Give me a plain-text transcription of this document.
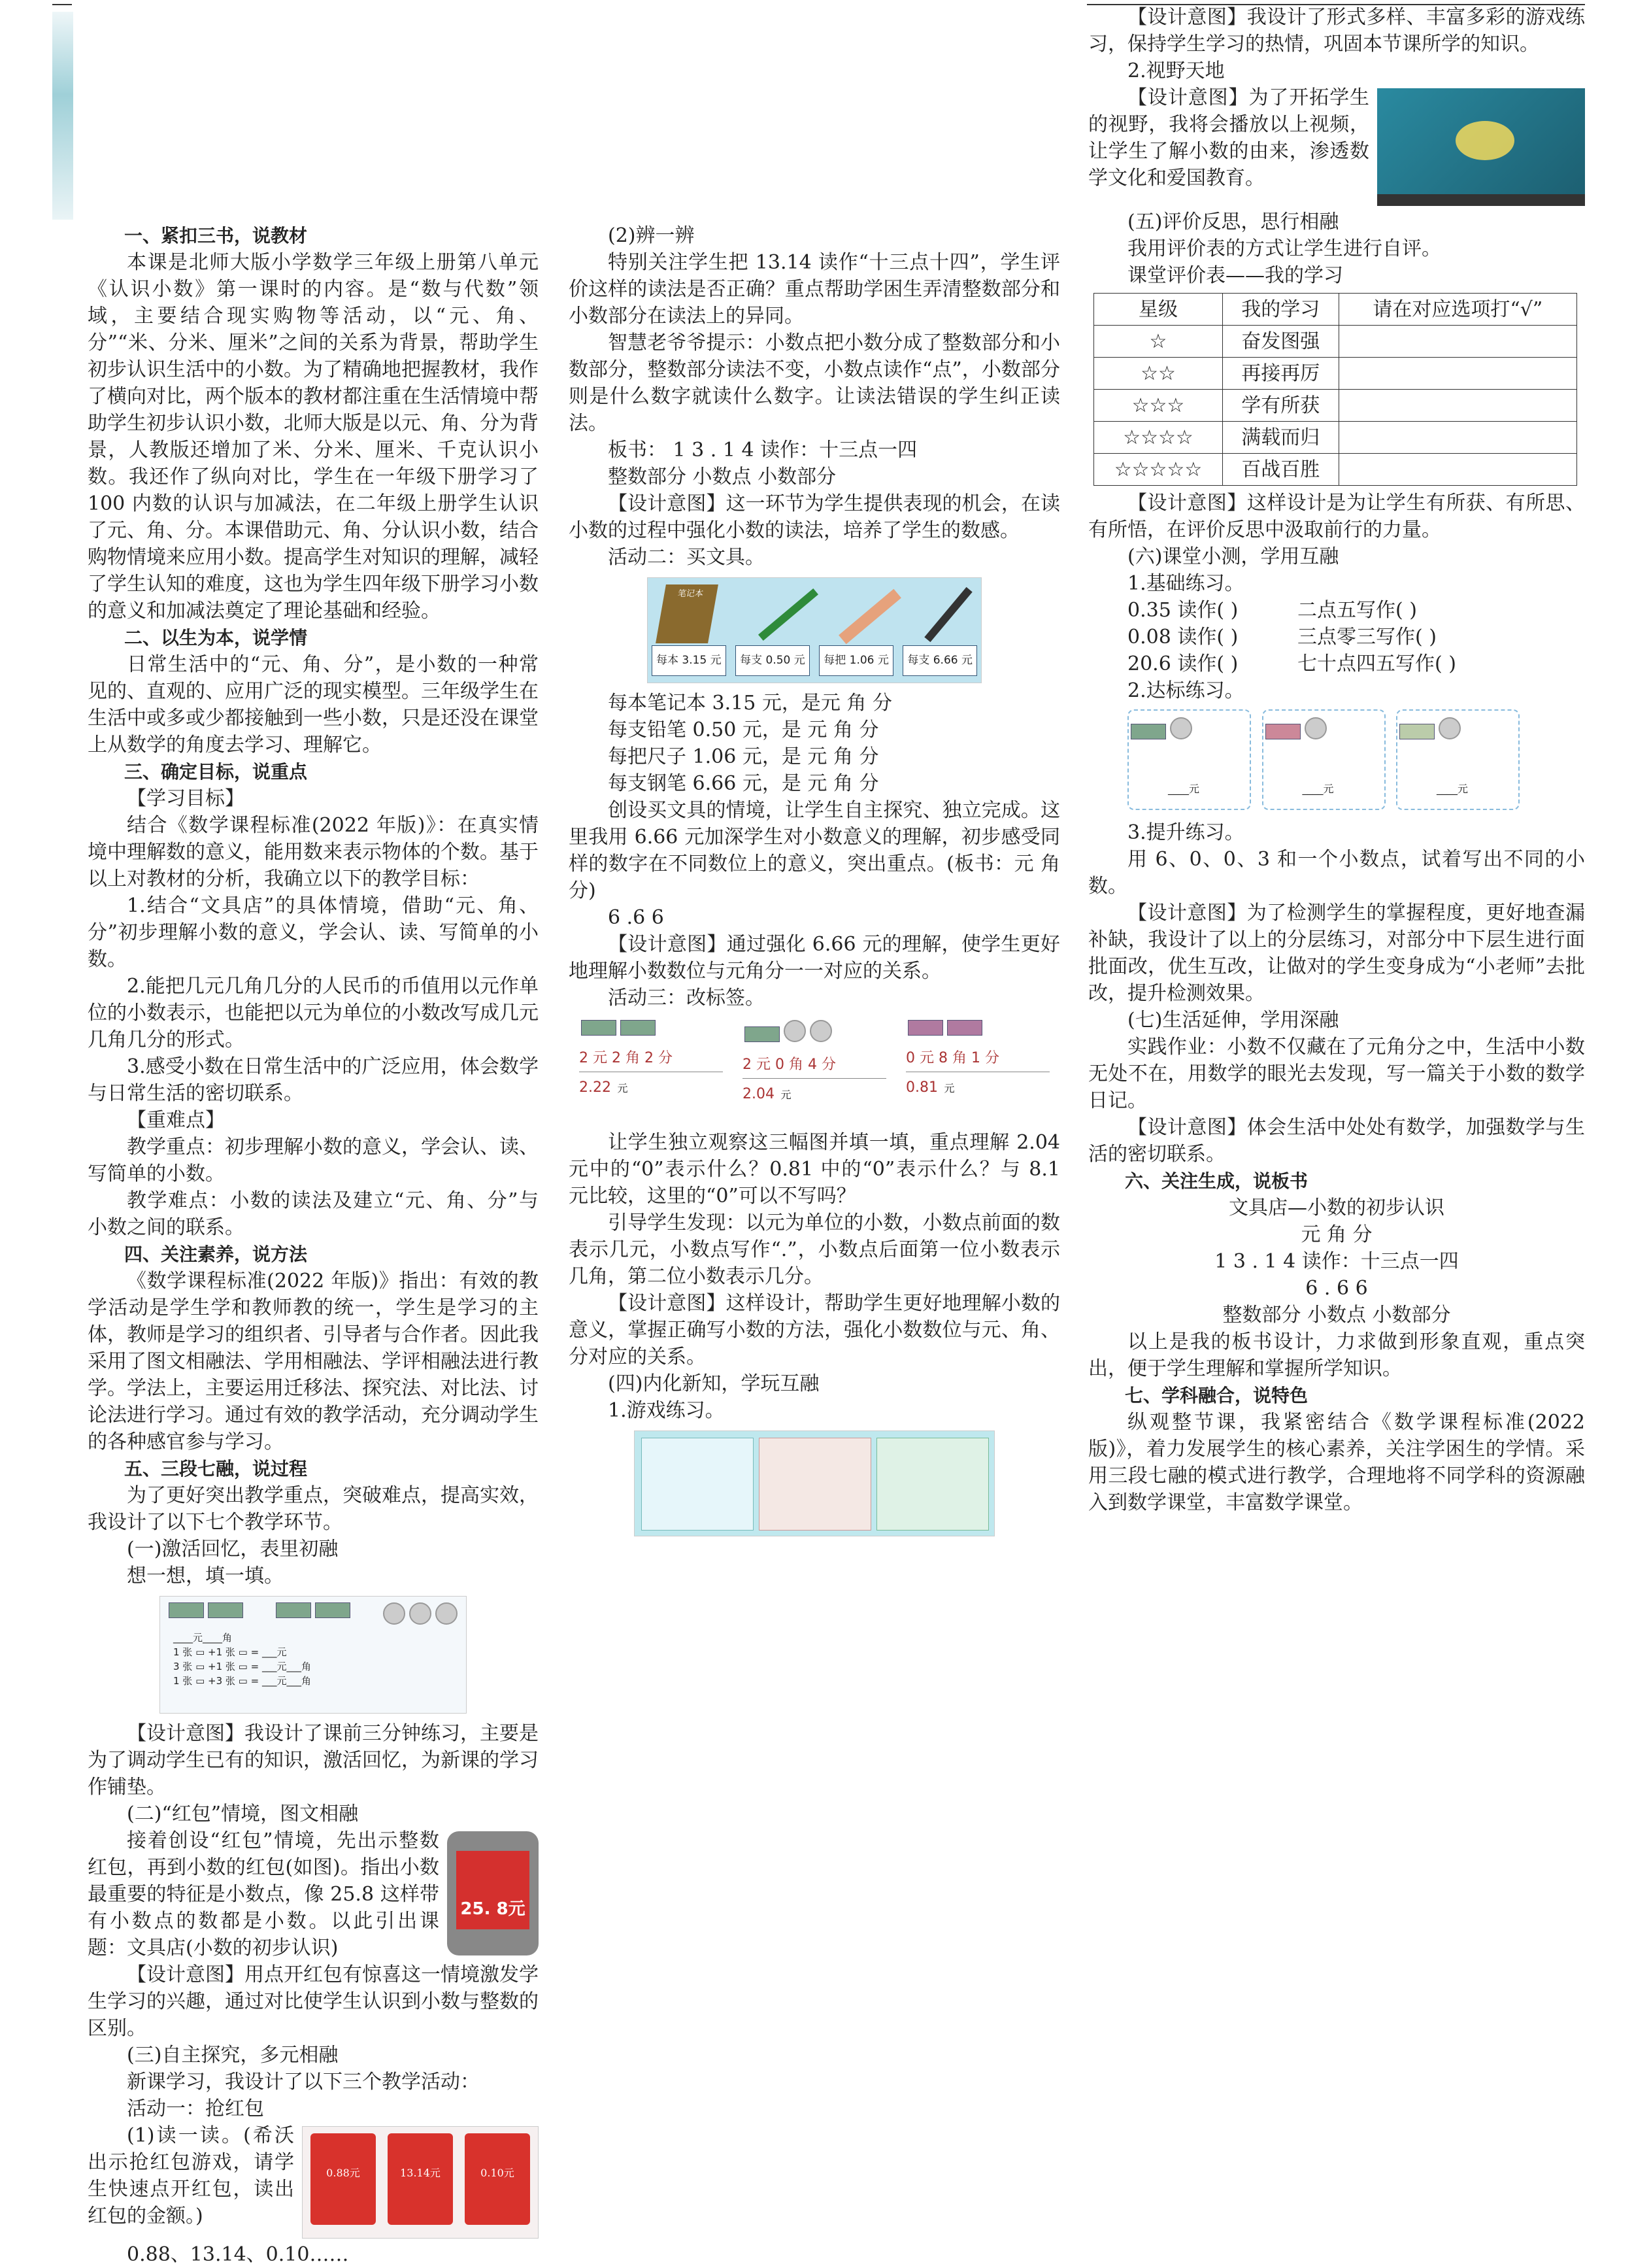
一、紧扣三书，说教材

本课是北师大版小学数学三年级上册第八单元《认识小数》第一课时的内容。是“数与代数”领域，主要结合现实购物等活动，以“元、角、分”“米、分米、厘米”之间的关系为背景，帮助学生初步认识生活中的小数。为了精确地把握教材，我作了横向对比，两个版本的教材都注重在生活情境中帮助学生初步认识小数，北师大版是以元、角、分为背景，人教版还增加了米、分米、厘米、千克认识小数。我还作了纵向对比，学生在一年级下册学习了 100 内数的认识与加减法，在二年级上册学生认识了元、角、分。本课借助元、角、分认识小数，结合购物情境来应用小数。提高学生对知识的理解，减轻了学生认知的难度，这也为学生四年级下册学习小数的意义和加减法奠定了理论基础和经验。

二、以生为本，说学情

日常生活中的“元、角、分”，是小数的一种常见的、直观的、应用广泛的现实模型。三年级学生在生活中或多或少都接触到一些小数，只是还没在课堂上从数学的角度去学习、理解它。

三、确定目标，说重点

【学习目标】

结合《数学课程标准(2022 年版)》：在真实情境中理解数的意义，能用数来表示物体的个数。基于以上对教材的分析，我确立以下的教学目标：

1.结合“文具店”的具体情境，借助“元、角、分”初步理解小数的意义，学会认、读、写简单的小数。

2.能把几元几角几分的人民币的币值用以元作单位的小数表示，也能把以元为单位的小数改写成几元几角几分的形式。

3.感受小数在日常生活中的广泛应用，体会数学与日常生活的密切联系。

【重难点】

教学重点：初步理解小数的意义，学会认、读、写简单的小数。

教学难点：小数的读法及建立“元、角、分”与小数之间的联系。

四、关注素养，说方法

《数学课程标准(2022 年版)》指出：有效的教学活动是学生学和教师教的统一，学生是学习的主体，教师是学习的组织者、引导者与合作者。因此我采用了图文相融法、学用相融法、学评相融法进行教学。学法上，主要运用迁移法、探究法、对比法、讨论法进行学习。通过有效的教学活动，充分调动学生的各种感官参与学习。

五、三段七融，说过程

为了更好突出教学重点，突破难点，提高实效，我设计了以下七个教学环节。

(一)激活回忆，表里初融

想一想，填一填。

____元____角
1 张 ▭ +1 张 ▭ = ___元
3 张 ▭ +1 张 ▭ = ___元___角
1 张 ▭ +3 张 ▭ = ___元___角

【设计意图】我设计了课前三分钟练习，主要是为了调动学生已有的知识，激活回忆，为新课的学习作铺垫。

(二)“红包”情境，图文相融

25. 8元

接着创设“红包”情境，先出示整数红包，再到小数的红包(如图)。指出小数最重要的特征是小数点，像 25.8 这样带有小数点的数都是小数。以此引出课题：文具店(小数的初步认识)

【设计意图】用点开红包有惊喜这一情境激发学生学习的兴趣，通过对比使学生认识到小数与整数的区别。

(三)自主探究，多元相融

新课学习，我设计了以下三个教学活动：

活动一：抢红包

0.88元	13.14元	0.10元

(1)读一读。(希沃出示抢红包游戏，请学生快速点开红包，读出红包的金额。)

0.88、13.14、0.10……

(2)辨一辨

特别关注学生把 13.14 读作“十三点十四”，学生评价这样的读法是否正确？重点帮助学困生弄清整数部分和小数部分在读法上的异同。

智慧老爷爷提示：小数点把小数分成了整数部分和小数部分，整数部分读法不变，小数点读作“点”，小数部分则是什么数字就读什么数字。让读法错误的学生纠正读法。

板书： 1 3 . 1 4 读作：十三点一四

整数部分 小数点 小数部分

【设计意图】这一环节为学生提供表现的机会，在读小数的过程中强化小数的读法，培养了学生的数感。

活动二：买文具。

笔记本
每本 3.15 元	每支 0.50 元	每把 1.06 元	每支 6.66 元

每本笔记本 3.15 元，是元 角 分

每支铅笔 0.50 元，是 元 角 分

每把尺子 1.06 元，是 元 角 分

每支钢笔 6.66 元，是 元 角 分

创设买文具的情境，让学生自主探究、独立完成。这里我用 6.66 元加深学生对小数意义的理解，初步感受同样的数字在不同数位上的意义，突出重点。(板书：元 角 分)

6 .6 6

【设计意图】通过强化 6.66 元的理解，使学生更好地理解小数数位与元角分一一对应的关系。

活动三：改标签。

2 元 2 角 2 分
2.22 元
2 元 0 角 4 分
2.04 元
0 元 8 角 1 分
0.81 元

让学生独立观察这三幅图并填一填，重点理解 2.04 元中的“0”表示什么？0.81 中的“0”表示什么？与 8.1 元比较，这里的“0”可以不写吗？

引导学生发现：以元为单位的小数，小数点前面的数表示几元，小数点写作“.”，小数点后面第一位小数表示几角，第二位小数表示几分。

【设计意图】这样设计，帮助学生更好地理解小数的意义，掌握正确写小数的方法，强化小数数位与元、角、分对应的关系。

(四)内化新知，学玩互融

1.游戏练习。

【设计意图】我设计了形式多样、丰富多彩的游戏练习，保持学生学习的热情，巩固本节课所学的知识。

2.视野天地

【设计意图】为了开拓学生的视野，我将会播放以上视频，让学生了解小数的由来，渗透数学文化和爱国教育。

(五)评价反思，思行相融

我用评价表的方式让学生进行自评。

课堂评价表——我的学习

星级	我的学习	请在对应选项打“√”
☆	奋发图强	
☆☆	再接再厉	
☆☆☆	学有所获	
☆☆☆☆	满载而归	
☆☆☆☆☆	百战百胜	

【设计意图】这样设计是为让学生有所获、有所思、有所悟，在评价反思中汲取前行的力量。

(六)课堂小测，学用互融

1.基础练习。

0.35 读作( )	二点五写作( )
0.08 读作( )	三点零三写作( )
20.6 读作( )	七十点四五写作( )

2.达标练习。

____元	____元	____元

3.提升练习。

用 6、0、0、3 和一个小数点，试着写出不同的小数。

【设计意图】为了检测学生的掌握程度，更好地查漏补缺，我设计了以上的分层练习，对部分中下层生进行面批面改，优生互改，让做对的学生变身成为“小老师”去批改，提升检测效果。

(七)生活延伸，学用深融

实践作业：小数不仅藏在了元角分之中，生活中小数无处不在，用数学的眼光去发现，写一篇关于小数的数学日记。

【设计意图】体会生活中处处有数学，加强数学与生活的密切联系。

六、关注生成，说板书

文具店—小数的初步认识

元 角 分

1 3 . 1 4 读作：十三点一四

6 . 6 6

整数部分 小数点 小数部分

以上是我的板书设计，力求做到形象直观，重点突出，便于学生理解和掌握所学知识。

七、学科融合，说特色

纵观整节课，我紧密结合《数学课程标准(2022版)》，着力发展学生的核心素养，关注学困生的学情。采用三段七融的模式进行教学，合理地将不同学科的资源融入到数学课堂，丰富数学课堂。
